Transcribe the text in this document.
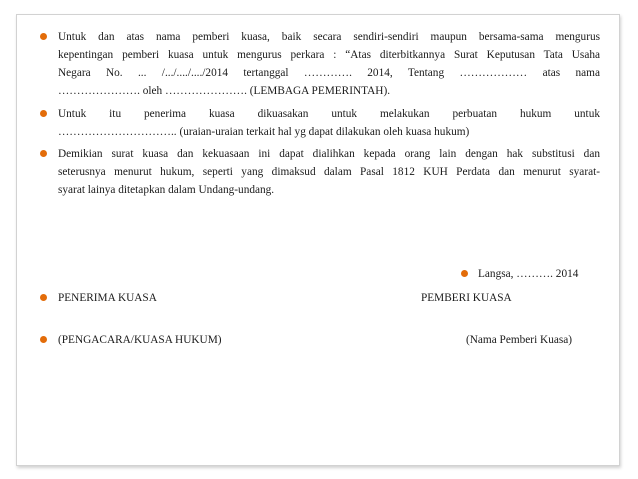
Untuk dan atas nama pemberi kuasa, baik secara sendiri-sendiri maupun bersama-sama mengurus
kepentingan pemberi kuasa untuk mengurus perkara : “Atas diterbitkannya Surat Keputusan Tata Usaha
Negara No. ... /.../..../..../2014 tertanggal …………. 2014, Tentang ……………… atas nama
…………………. oleh …………………. (LEMBAGA PEMERINTAH).
Untuk itu penerima kuasa dikuasakan untuk melakukan perbuatan hukum untuk
………………………….. (uraian-uraian terkait hal yg dapat dilakukan oleh kuasa hukum)
Demikian surat kuasa dan kekuasaan ini dapat dialihkan kepada orang lain dengan hak substitusi dan
seterusnya menurut hukum, seperti yang dimaksud dalam Pasal 1812 KUH Perdata dan menurut syarat-
syarat lainya ditetapkan dalam Undang-undang.
Langsa, ………. 2014
PENERIMA KUASA	PEMBERI KUASA
(PENGACARA/KUASA HUKUM)	(Nama Pemberi Kuasa)
